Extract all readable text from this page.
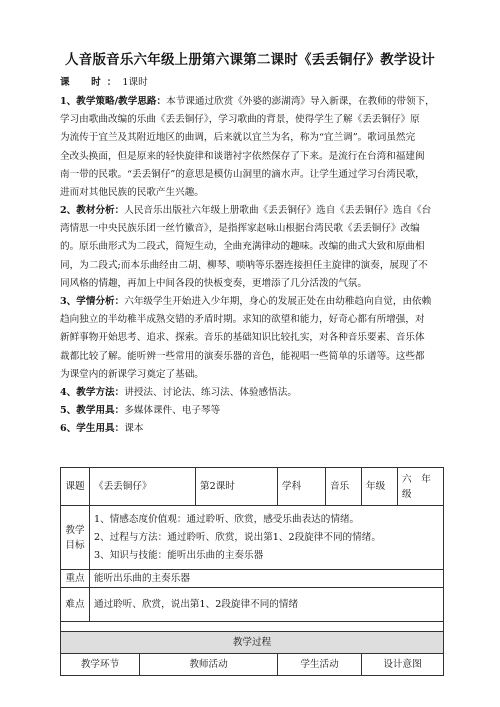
人音版音乐六年级上册第六课第二课时《丢丢铜仔》教学设计
课　时：1课时
1、教学策略/教学思路：本节课通过欣赏《外婆的澎湖湾》导入新课，在教师的带领下，
学习由歌曲改编的乐曲《丢丢铜仔》，学习歌曲的背景，使得学生了解《丢丢铜仔》原
为流传于宜兰及其附近地区的曲调，后来就以宜兰为名，称为“宜兰调”。歌词虽然完
全改头换面，但是原来的轻快旋律和谈谐衬字依然保存了下来。是流行在台湾和福建闽
南一带的民歌。“丢丢铜仔”的意思是模仿山洞里的滴水声。让学生通过学习台湾民歌，
进而对其他民族的民歌产生兴趣。
2、教材分析：人民音乐出版社六年级上册歌曲《丢丢铜仔》选自《丢丢铜仔》选自《台
湾情思一中央民族乐团一丝竹徽音》，是指挥家赵咏山根据台湾民歌《丢丢铜仔》改编
的。原乐曲形式为二段式，简短生动，全曲充满律动的趣味。改编的曲式大致和原曲相
同，为二段式;而本乐曲经由二胡、柳琴、唢呐等乐器连接担任主旋律的演奏，展现了不
同风格的情趣，再加上中间各段的快板变奏，更增添了几分活泼的气氛。
3、学情分析：六年级学生开始进入少年期，身心的发展正处在由幼稚趋向自觉，由依赖
趋向独立的半幼稚半成熟交错的矛盾时期。求知的欲望和能力，好奇心都有所增强，对
新鲜事物开始思考、追求、探索。音乐的基础知识比较扎实，对各种音乐要素、音乐体
裁都比较了解。能听辨一些常用的演奏乐器的音色，能视唱一些简单的乐谱等。这些都
为课堂内的新课学习奠定了基础。
4、教学方法：讲授法、讨论法、练习法、体验感悟法。
5、教学用具：多媒体课件、电子琴等
6、学生用具：课本
课题	《丢丢铜仔》		第2课时	学科	音乐	年级	六　年
级

教学
目标	1、情感态度价值观：通过聆听、欣赏，感受乐曲表达的情绪。
2、过程与方法：通过聆听、欣赏，说出第1、2段旋律不同的情绪。
3、知识与技能：能听出乐曲的主奏乐器						

重点	能听出乐曲的主奏乐器						
难点	通过聆听、欣赏，说出第1、2段旋律不同的情绪						

教学过程							
教学环节		教师活动		学生活动		设计意图	
